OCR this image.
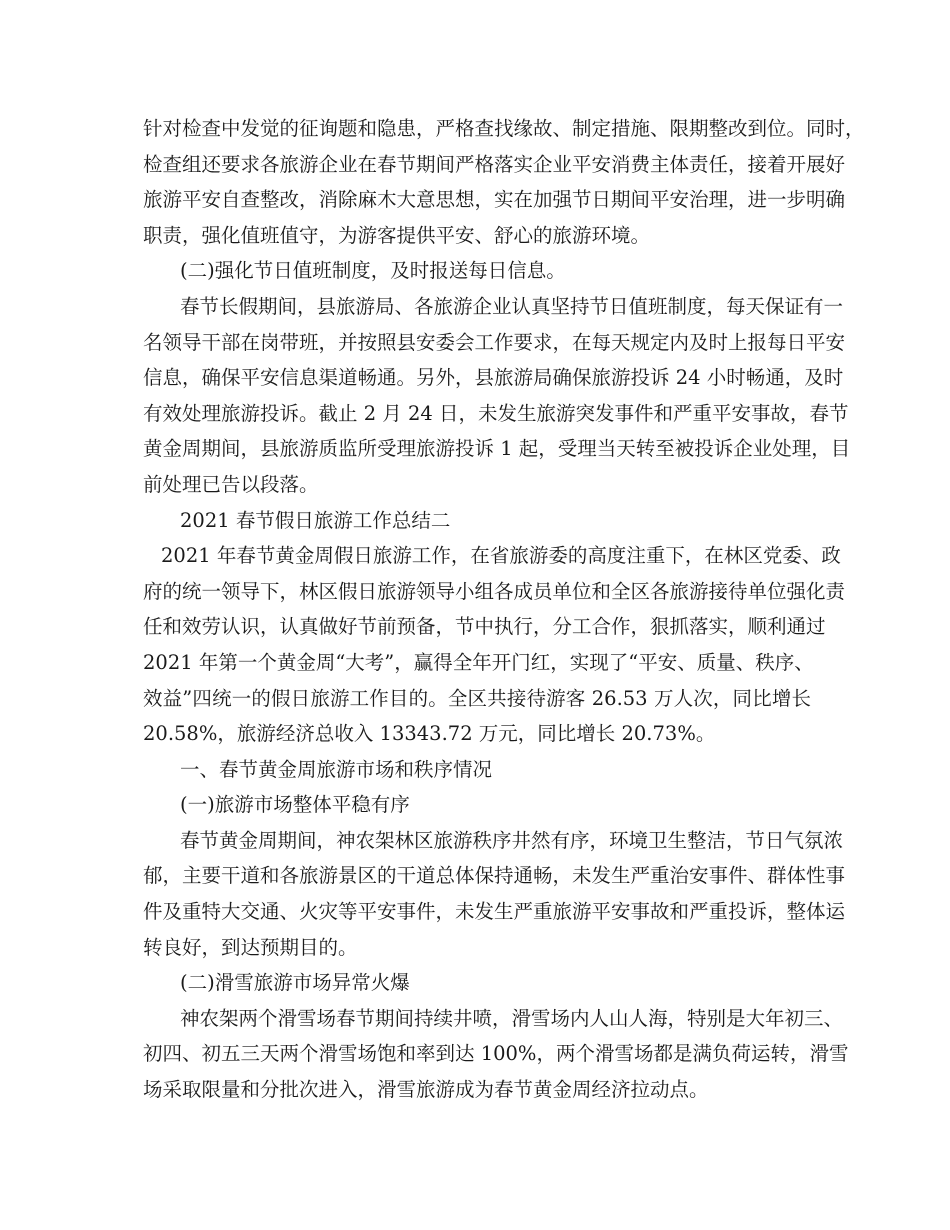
针对检查中发觉的征询题和隐患，严格查找缘故、制定措施、限期整改到位。同时，
检查组还要求各旅游企业在春节期间严格落实企业平安消费主体责任，接着开展好
旅游平安自查整改，消除麻木大意思想，实在加强节日期间平安治理，进一步明确
职责，强化值班值守，为游客提供平安、舒心的旅游环境。
(二)强化节日值班制度，及时报送每日信息。
春节长假期间，县旅游局、各旅游企业认真坚持节日值班制度，每天保证有一
名领导干部在岗带班，并按照县安委会工作要求，在每天规定内及时上报每日平安
信息，确保平安信息渠道畅通。另外，县旅游局确保旅游投诉 24 小时畅通，及时
有效处理旅游投诉。截止 2 月 24 日，未发生旅游突发事件和严重平安事故，春节
黄金周期间，县旅游质监所受理旅游投诉 1 起，受理当天转至被投诉企业处理，目
前处理已告以段落。
2021 春节假日旅游工作总结二
2021 年春节黄金周假日旅游工作，在省旅游委的高度注重下，在林区党委、政
府的统一领导下，林区假日旅游领导小组各成员单位和全区各旅游接待单位强化责
任和效劳认识，认真做好节前预备，节中执行，分工合作，狠抓落实，顺利通过
2021 年第一个黄金周“大考”，赢得全年开门红，实现了“平安、质量、秩序、
效益”四统一的假日旅游工作目的。全区共接待游客 26.53 万人次，同比增长
20.58%，旅游经济总收入 13343.72 万元，同比增长 20.73%。
一、春节黄金周旅游市场和秩序情况
(一)旅游市场整体平稳有序
春节黄金周期间，神农架林区旅游秩序井然有序，环境卫生整洁，节日气氛浓
郁，主要干道和各旅游景区的干道总体保持通畅，未发生严重治安事件、群体性事
件及重特大交通、火灾等平安事件，未发生严重旅游平安事故和严重投诉，整体运
转良好，到达预期目的。
(二)滑雪旅游市场异常火爆
神农架两个滑雪场春节期间持续井喷，滑雪场内人山人海，特别是大年初三、
初四、初五三天两个滑雪场饱和率到达 100%，两个滑雪场都是满负荷运转，滑雪
场采取限量和分批次进入，滑雪旅游成为春节黄金周经济拉动点。
